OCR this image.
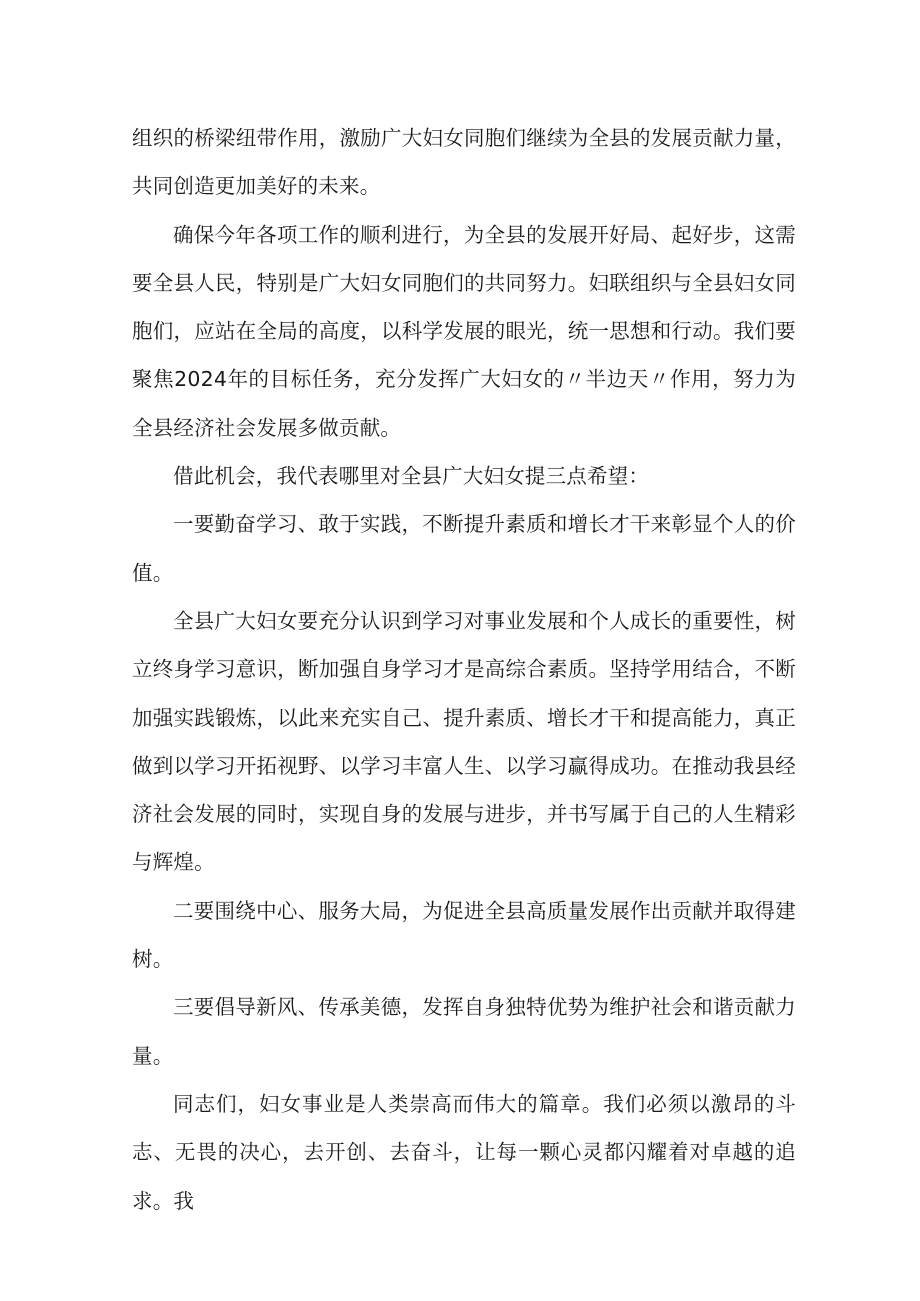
组织的桥梁纽带作用，激励广大妇女同胞们继续为全县的发展贡献力量，共同创造更加美好的未来。

确保今年各项工作的顺利进行，为全县的发展开好局、起好步，这需要全县人民，特别是广大妇女同胞们的共同努力。妇联组织与全县妇女同胞们，应站在全局的高度，以科学发展的眼光，统一思想和行动。我们要聚焦2024年的目标任务，充分发挥广大妇女的〃半边天〃作用，努力为全县经济社会发展多做贡献。

借此机会，我代表哪里对全县广大妇女提三点希望：

一要勤奋学习、敢于实践，不断提升素质和增长才干来彰显个人的价值。

全县广大妇女要充分认识到学习对事业发展和个人成长的重要性，树立终身学习意识，断加强自身学习才是高综合素质。坚持学用结合，不断加强实践锻炼，以此来充实自己、提升素质、增长才干和提高能力，真正做到以学习开拓视野、以学习丰富人生、以学习赢得成功。在推动我县经济社会发展的同时，实现自身的发展与进步，并书写属于自己的人生精彩与辉煌。

二要围绕中心、服务大局，为促进全县高质量发展作出贡献并取得建树。

三要倡导新风、传承美德，发挥自身独特优势为维护社会和谐贡献力量。

同志们，妇女事业是人类崇高而伟大的篇章。我们必须以激昂的斗志、无畏的决心，去开创、去奋斗，让每一颗心灵都闪耀着对卓越的追求。我
